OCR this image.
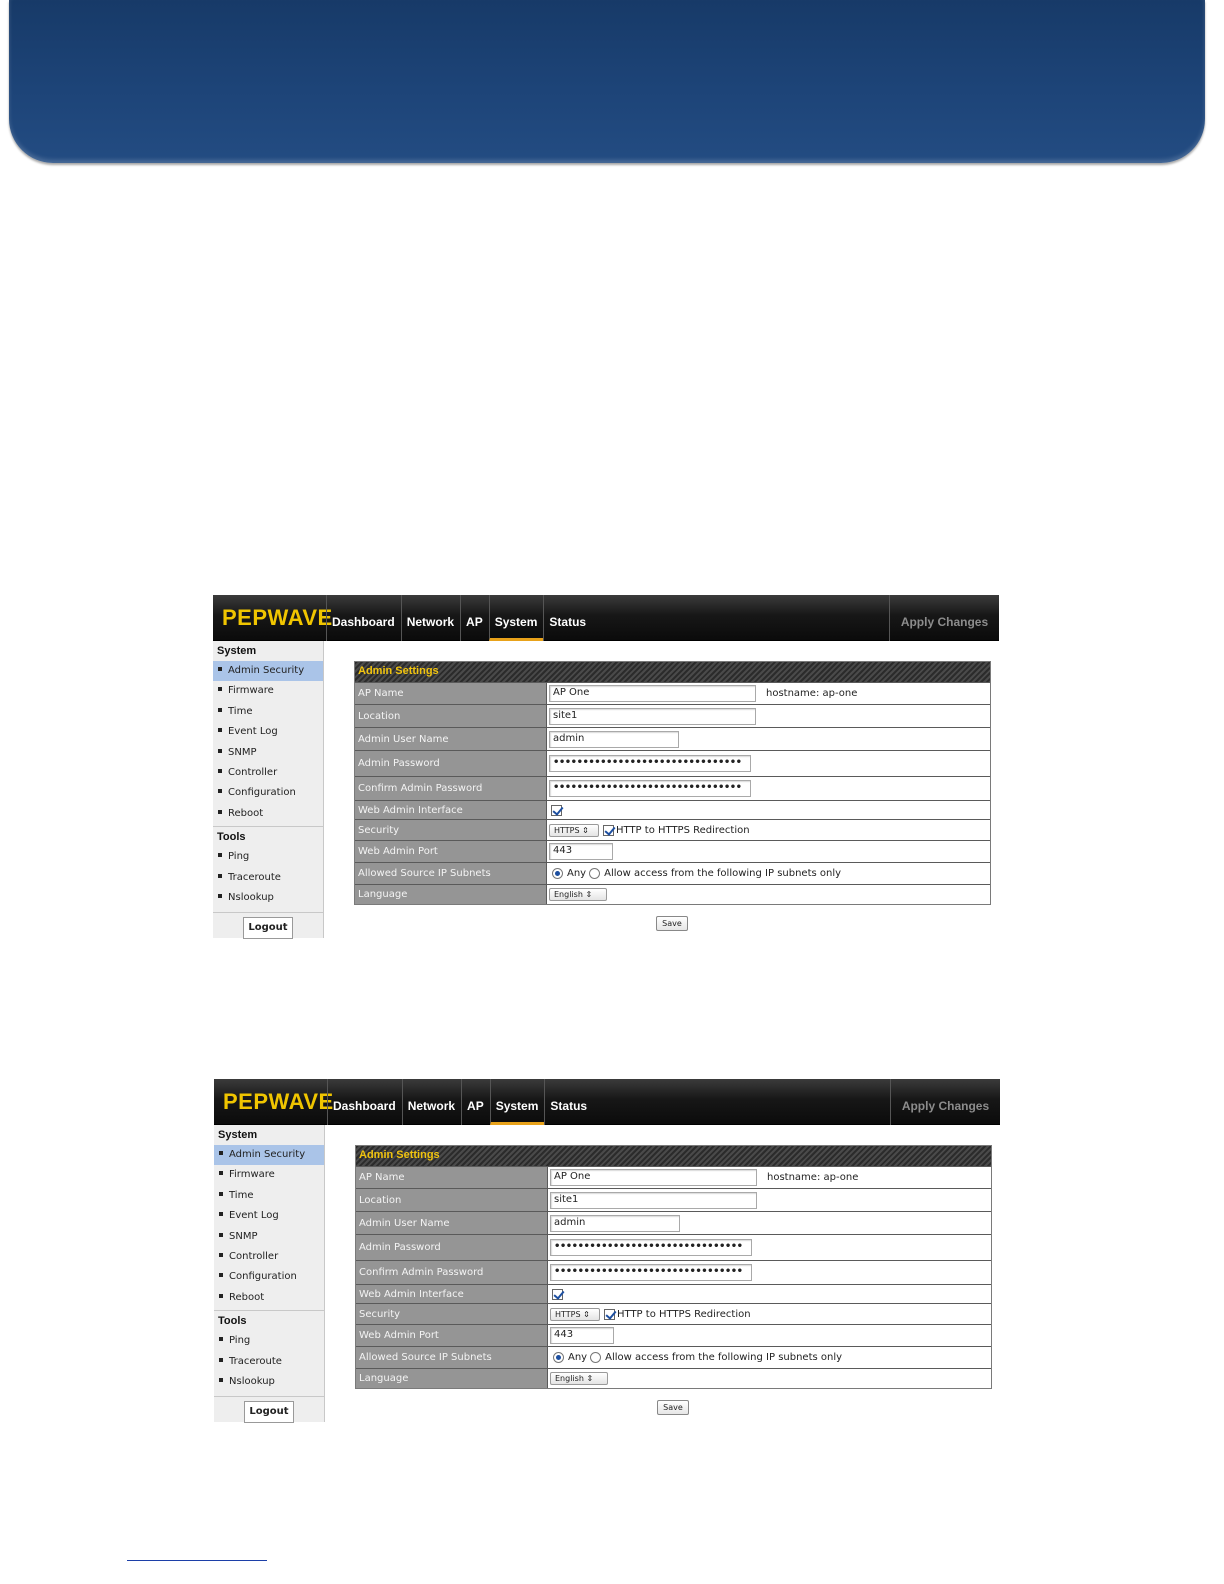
PEPWAVE Dashboard	Network	AP	System	Status	Apply Changes
System
Admin Security
Firmware
Time
Event Log
SNMP
Controller
Configuration
Reboot
Tools
Ping
Traceroute
Nslookup
Logout
Admin Settings
AP Name	AP One	hostname: ap-one
Location	site1
Admin User Name	admin
Admin Password	••••••••••••••••••••••••••••••••
Confirm Admin Password	••••••••••••••••••••••••••••••••
Web Admin Interface
Security	HTTPS ⇕	HTTP to HTTPS Redirection
Web Admin Port	443
Allowed Source IP Subnets	Any Allow access from the following IP subnets only
Language	English ⇕
Save
PEPWAVE Dashboard	Network	AP	System	Status	Apply Changes
System
Admin Security
Firmware
Time
Event Log
SNMP
Controller
Configuration
Reboot
Tools
Ping
Traceroute
Nslookup
Logout
Admin Settings
AP Name	AP One	hostname: ap-one
Location	site1
Admin User Name	admin
Admin Password	••••••••••••••••••••••••••••••••
Confirm Admin Password	••••••••••••••••••••••••••••••••
Web Admin Interface
Security	HTTPS ⇕	HTTP to HTTPS Redirection
Web Admin Port	443
Allowed Source IP Subnets	Any Allow access from the following IP subnets only
Language	English ⇕
Save
